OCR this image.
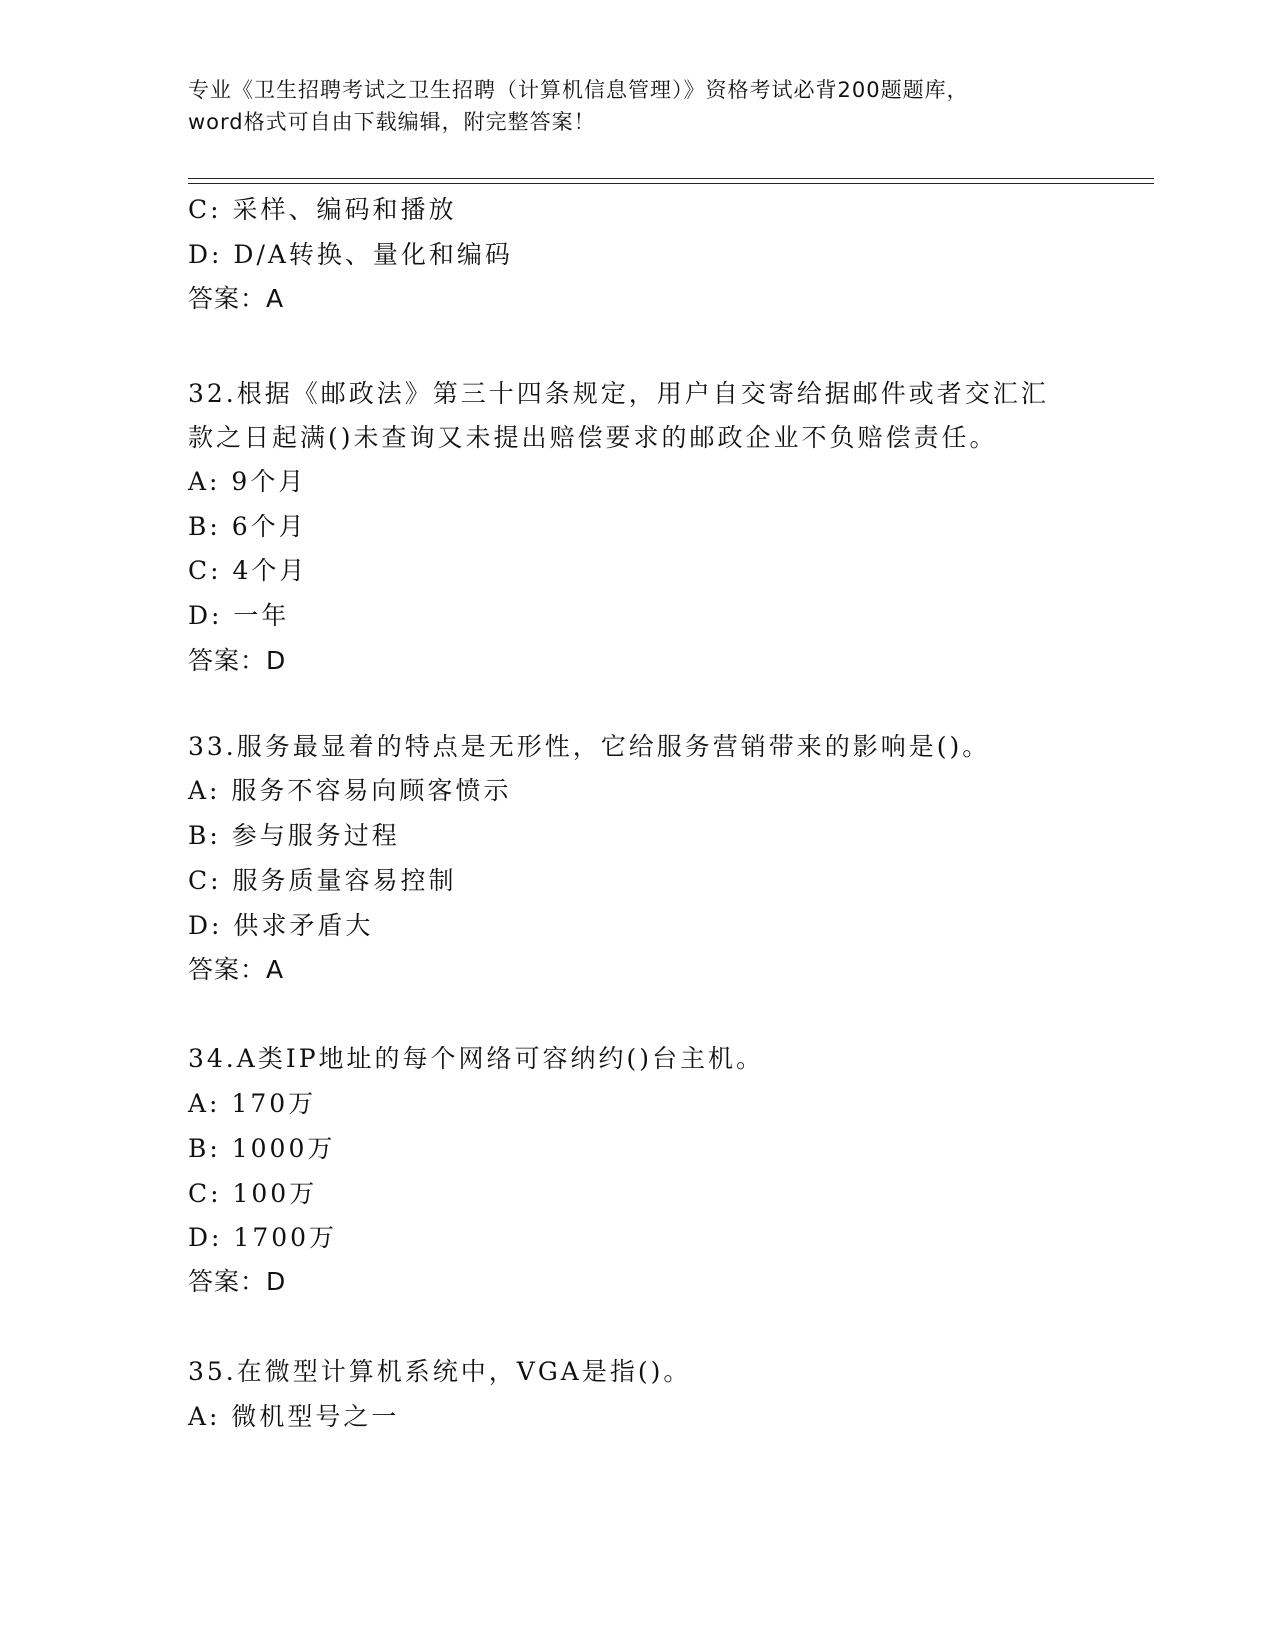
专业《卫生招聘考试之卫生招聘（计算机信息管理）》资格考试必背200题题库，
word格式可自由下载编辑，附完整答案！
C: 采样、编码和播放
D: D/A转换、量化和编码
答案：A
32.根据《邮政法》第三十四条规定，用户自交寄给据邮件或者交汇汇
款之日起满()未查询又未提出赔偿要求的邮政企业不负赔偿责任。
A: 9个月
B: 6个月
C: 4个月
D: 一年
答案：D
33.服务最显着的特点是无形性，它给服务营销带来的影响是()。
A: 服务不容易向顾客愤示
B: 参与服务过程
C: 服务质量容易控制
D: 供求矛盾大
答案：A
34.A类IP地址的每个网络可容纳约()台主机。
A: 170万
B: 1000万
C: 100万
D: 1700万
答案：D
35.在微型计算机系统中，VGA是指()。
A: 微机型号之一
